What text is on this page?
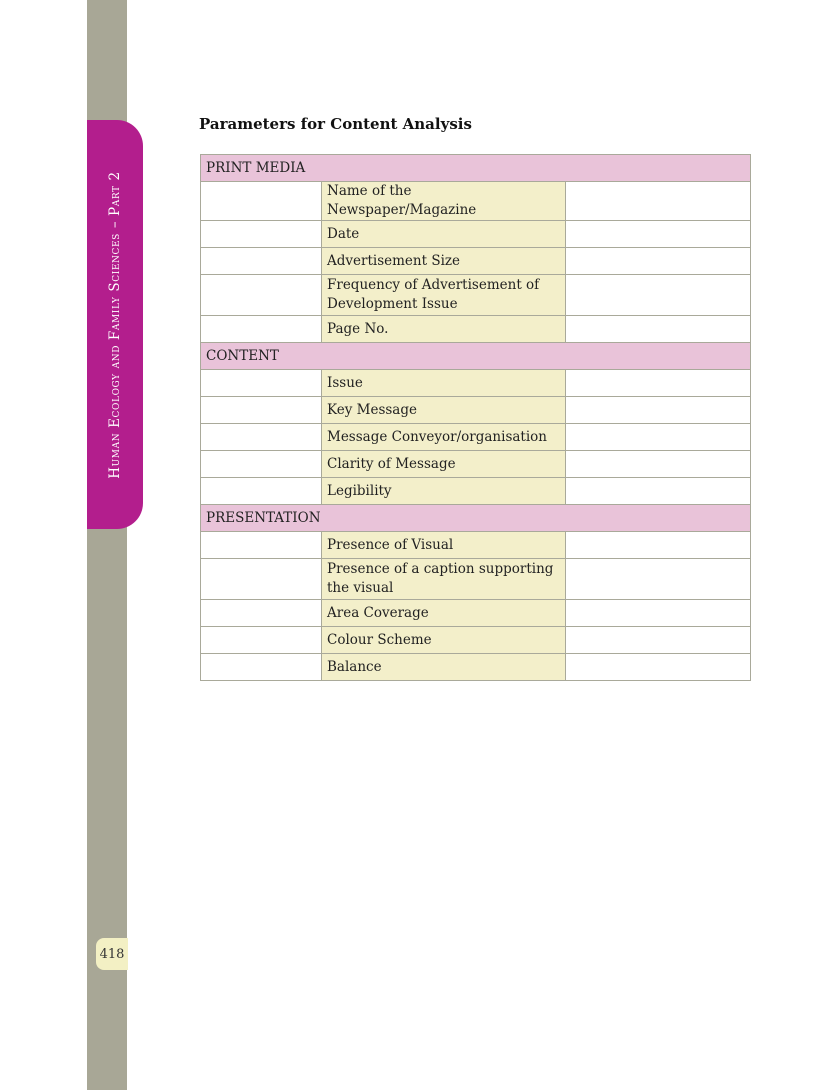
Human Ecology and Family Sciences – Part 2
418
Parameters for Content Analysis
PRINT MEDIA		
	Name of the Newspaper/Magazine	
	Date	
	Advertisement Size	
	Frequency of Advertisement of Development Issue	
	Page No.	
CONTENT		
	Issue	
	Key Message	
	Message Conveyor/organisation	
	Clarity of Message	
	Legibility	
PRESENTATION		
	Presence of Visual	
	Presence of a caption supporting the visual	
	Area Coverage	
	Colour Scheme	
	Balance	
